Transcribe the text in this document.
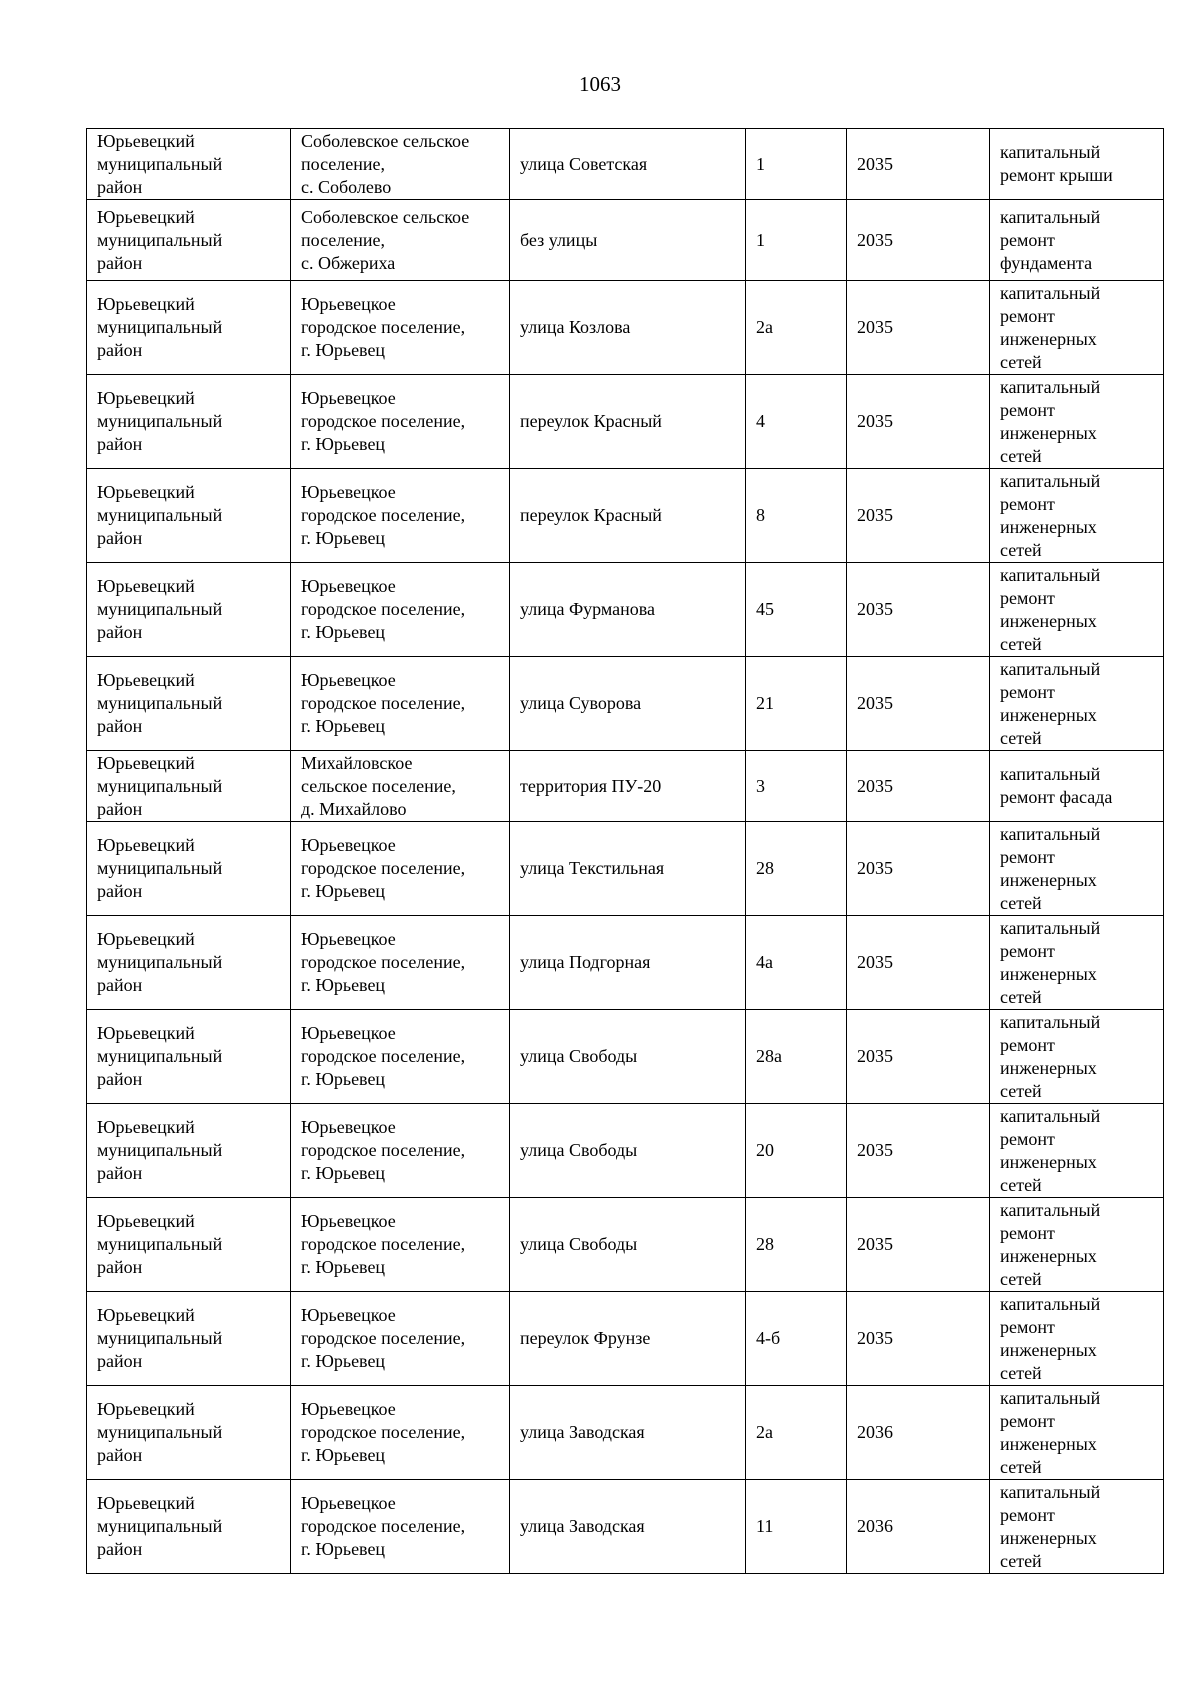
1063
Юрьевецкий
муниципальный
район	Соболевское сельское
поселение,
с. Соболево	улица Советская	1	2035	капитальный
ремонт крыши
Юрьевецкий
муниципальный
район	Соболевское сельское
поселение,
с. Обжериха	без улицы	1	2035	капитальный
ремонт
фундамента
Юрьевецкий
муниципальный
район	Юрьевецкое
городское поселение,
г. Юрьевец	улица Козлова	2а	2035	капитальный
ремонт
инженерных
сетей
Юрьевецкий
муниципальный
район	Юрьевецкое
городское поселение,
г. Юрьевец	переулок Красный	4	2035	капитальный
ремонт
инженерных
сетей
Юрьевецкий
муниципальный
район	Юрьевецкое
городское поселение,
г. Юрьевец	переулок Красный	8	2035	капитальный
ремонт
инженерных
сетей
Юрьевецкий
муниципальный
район	Юрьевецкое
городское поселение,
г. Юрьевец	улица Фурманова	45	2035	капитальный
ремонт
инженерных
сетей
Юрьевецкий
муниципальный
район	Юрьевецкое
городское поселение,
г. Юрьевец	улица Суворова	21	2035	капитальный
ремонт
инженерных
сетей
Юрьевецкий
муниципальный
район	Михайловское
сельское поселение,
д. Михайлово	территория ПУ-20	3	2035	капитальный
ремонт фасада
Юрьевецкий
муниципальный
район	Юрьевецкое
городское поселение,
г. Юрьевец	улица Текстильная	28	2035	капитальный
ремонт
инженерных
сетей
Юрьевецкий
муниципальный
район	Юрьевецкое
городское поселение,
г. Юрьевец	улица Подгорная	4а	2035	капитальный
ремонт
инженерных
сетей
Юрьевецкий
муниципальный
район	Юрьевецкое
городское поселение,
г. Юрьевец	улица Свободы	28а	2035	капитальный
ремонт
инженерных
сетей
Юрьевецкий
муниципальный
район	Юрьевецкое
городское поселение,
г. Юрьевец	улица Свободы	20	2035	капитальный
ремонт
инженерных
сетей
Юрьевецкий
муниципальный
район	Юрьевецкое
городское поселение,
г. Юрьевец	улица Свободы	28	2035	капитальный
ремонт
инженерных
сетей
Юрьевецкий
муниципальный
район	Юрьевецкое
городское поселение,
г. Юрьевец	переулок Фрунзе	4-б	2035	капитальный
ремонт
инженерных
сетей
Юрьевецкий
муниципальный
район	Юрьевецкое
городское поселение,
г. Юрьевец	улица Заводская	2а	2036	капитальный
ремонт
инженерных
сетей
Юрьевецкий
муниципальный
район	Юрьевецкое
городское поселение,
г. Юрьевец	улица Заводская	11	2036	капитальный
ремонт
инженерных
сетей
